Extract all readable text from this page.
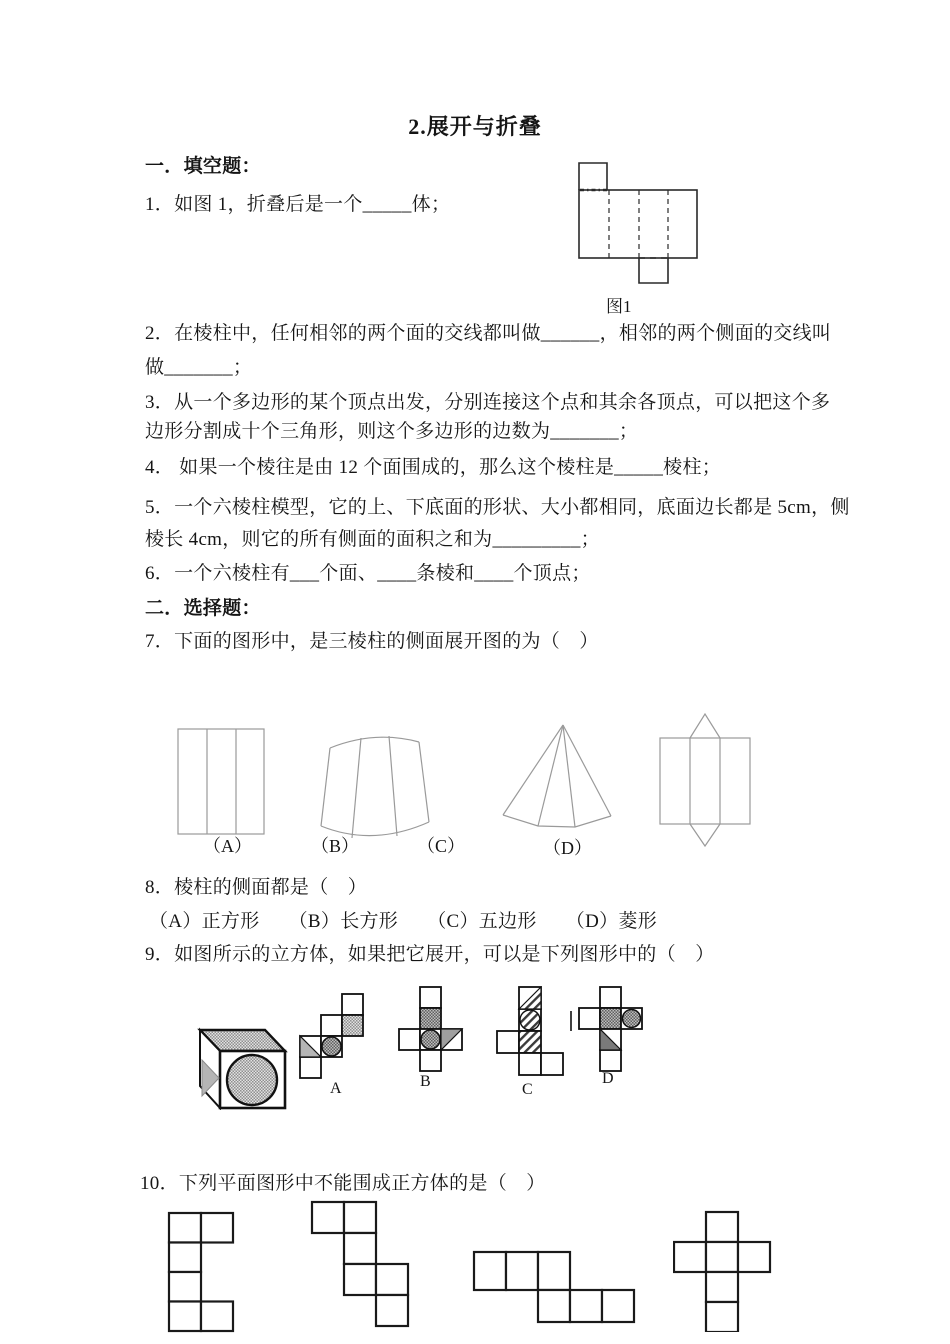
2.展开与折叠
一．填空题：
1．如图 1，折叠后是一个_____体；
2．在棱柱中，任何相邻的两个面的交线都叫做______，相邻的两个侧面的交线叫
做_______；
3．从一个多边形的某个顶点出发，分别连接这个点和其余各顶点，可以把这个多
边形分割成十个三角形，则这个多边形的边数为_______；
4． 如果一个棱往是由 12 个面围成的，那么这个棱柱是_____棱柱；
5．一个六棱柱模型，它的上、下底面的形状、大小都相同，底面边长都是 5cm，侧
棱长 4cm，则它的所有侧面的面积之和为_________；
6．一个六棱柱有___个面、____条棱和____个顶点；
二．选择题：
7．下面的图形中，是三棱柱的侧面展开图的为（　）
8．棱柱的侧面都是（　）
（A）正方形　　（B）长方形　　（C）五边形　　（D）菱形
9．如图所示的立方体，如果把它展开，可以是下列图形中的（　）
10．下列平面图形中不能围成正方体的是（　）
图1
（A）	（B）	（C）	（D）
A	B	C
D
